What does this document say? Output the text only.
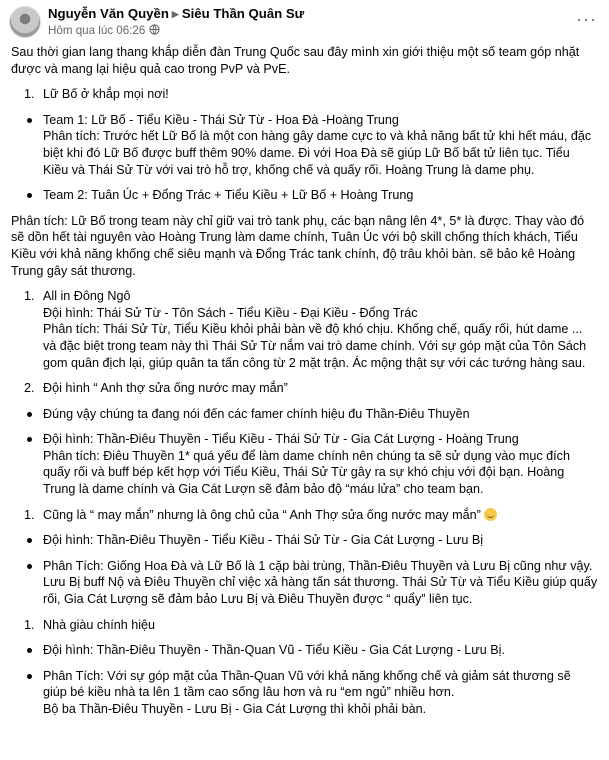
Nguyễn Văn Quyền ▶ Siêu Thần Quân Sư
Hôm qua lúc 06:26
···

Sau thời gian lang thang khắp diễn đàn Trung Quốc sau đây mình xin giới thiệu một số team góp nhặt được và mang lại hiệu quả cao trong PvP và PvE.

1. Lữ Bố ở khắp mọi nơi!

Team 1: Lữ Bố - Tiểu Kiều - Thái Sử Từ - Hoa Đà -Hoàng Trung

Phân tích: Trước hết Lữ Bố là một con hàng gây dame cực to và khả năng bất tử khi hết máu, đặc biệt khi đó Lữ Bố được buff thêm 90% dame. Đi với Hoa Đà sẽ giúp Lữ Bố bất tử liên tục. Tiểu Kiều và Thái Sử Từ với vai trò hỗ trợ, khống chế và quấy rối. Hoàng Trung là dame phụ.

Team 2: Tuân Úc + Đổng Trác + Tiểu Kiều + Lữ Bố + Hoàng Trung

Phân tích: Lữ Bố trong team này chỉ giữ vai trò tank phụ, các bạn nâng lên 4*, 5* là được. Thay vào đó sẽ dồn hết tài nguyên vào Hoàng Trung làm dame chính, Tuân Úc với bộ skill chống thích khách, Tiểu Kiều với khả năng khống chế siêu mạnh và Đổng Trác tank chính, độ trâu khỏi bàn. sẽ bảo kê Hoàng Trung gây sát thương.

1. All in Đông Ngô

Đội hình: Thái Sử Từ - Tôn Sách - Tiểu Kiều - Đại Kiều - Đổng Trác

Phân tích: Thái Sử Từ, Tiểu Kiều khỏi phải bàn về độ khó chịu. Khống chế, quấy rối, hút dame ... và đặc biệt trong team này thì Thái Sử Từ nắm vai trò dame chính. Với sự góp mặt của Tôn Sách gom quân địch lại, giúp quân ta tấn công từ 2 mặt trận. Ác mộng thật sự với các tướng hàng sau.

2. Đội hình “ Anh thợ sửa ống nước may mắn”

Đúng vậy chúng ta đang nói đến các famer chính hiệu đu Thần-Điêu Thuyền

Đội hình: Thần-Điêu Thuyền - Tiểu Kiều - Thái Sử Từ - Gia Cát Lượng - Hoàng Trung

Phân tích: Điêu Thuyền 1* quá yếu để làm dame chính nên chúng ta sẽ sử dụng vào mục đích quấy rối và buff bép kết hợp với Tiểu Kiều, Thái Sử Từ gây ra sự khó chịu với đội bạn. Hoàng Trung là dame chính và Gia Cát Lượn sẽ đảm bảo độ “máu lửa” cho team bạn.

1. Cũng là “ may mắn” nhưng là ông chủ của “ Anh Thợ sửa ống nước may mắn”

Đội hình: Thần-Điêu Thuyền - Tiểu Kiều - Thái Sử Từ - Gia Cát Lượng - Lưu Bị

Phân Tích: Giống Hoa Đà và Lữ Bố là 1 cặp bài trùng, Thần-Điêu Thuyền và Lưu Bị cũng như vậy. Lưu Bị buff Nộ và Điêu Thuyền chỉ việc xả hàng tấn sát thương. Thái Sử Từ và Tiểu Kiều giúp quấy rối, Gia Cát Lượng sẽ đảm bảo Lưu Bị và Điêu Thuyền được “ quẩy” liên tục.

1. Nhà giàu chính hiệu

Đội hình: Thần-Điêu Thuyền - Thần-Quan Vũ - Tiểu Kiều - Gia Cát Lượng - Lưu Bị.

Phân Tích: Với sự góp mặt của Thần-Quan Vũ với khả năng khống chế và giảm sát thương sẽ giúp bé kiều nhà ta lên 1 tầm cao sống lâu hơn và ru “em ngủ” nhiều hơn.

Bộ ba Thần-Điêu Thuyền - Lưu Bị - Gia Cát Lượng thì khỏi phải bàn.
